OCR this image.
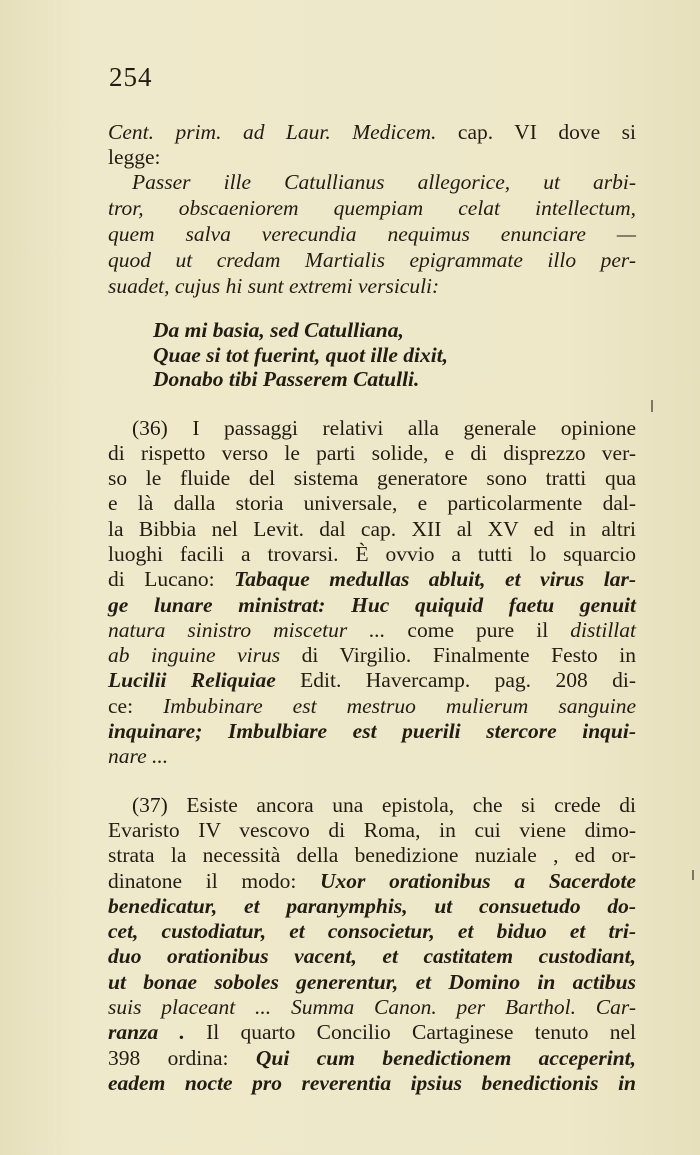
254
Cent. prim. ad Laur. Medicem. cap. VI dove si
legge:
Passer ille Catullianus allegorice, ut arbi-
tror, obscaeniorem quempiam celat intellectum,
quem salva verecundia nequimus enunciare —
quod ut credam Martialis epigrammate illo per-
suadet, cujus hi sunt extremi versiculi:
Da mi basia, sed Catulliana,
Quae si tot fuerint, quot ille dixit,
Donabo tibi Passerem Catulli.
(36) I passaggi relativi alla generale opinione
di rispetto verso le parti solide, e di disprezzo ver-
so le fluide del sistema generatore sono tratti qua
e là dalla storia universale, e particolarmente dal-
la Bibbia nel Levit. dal cap. XII al XV ed in altri
luoghi facili a trovarsi. È ovvio a tutti lo squarcio
di Lucano: Tabaque medullas abluit, et virus lar-
ge lunare ministrat: Huc quiquid faetu genuit
natura sinistro miscetur ... come pure il distillat
ab inguine virus di Virgilio. Finalmente Festo in
Lucilii Reliquiae Edit. Havercamp. pag. 208 di-
ce: Imbubinare est mestruo mulierum sanguine
inquinare; Imbulbiare est puerili stercore inqui-
nare ...
(37) Esiste ancora una epistola, che si crede di
Evaristo IV vescovo di Roma, in cui viene dimo-
strata la necessità della benedizione nuziale , ed or-
dinatone il modo: Uxor orationibus a Sacerdote
benedicatur, et paranymphis, ut consuetudo do-
cet, custodiatur, et consocietur, et biduo et tri-
duo orationibus vacent, et castitatem custodiant,
ut bonae soboles generentur, et Domino in actibus
suis placeant ... Summa Canon. per Barthol. Car-
ranza . Il quarto Concilio Cartaginese tenuto nel
398 ordina: Qui cum benedictionem acceperint,
eadem nocte pro reverentia ipsius benedictionis in
